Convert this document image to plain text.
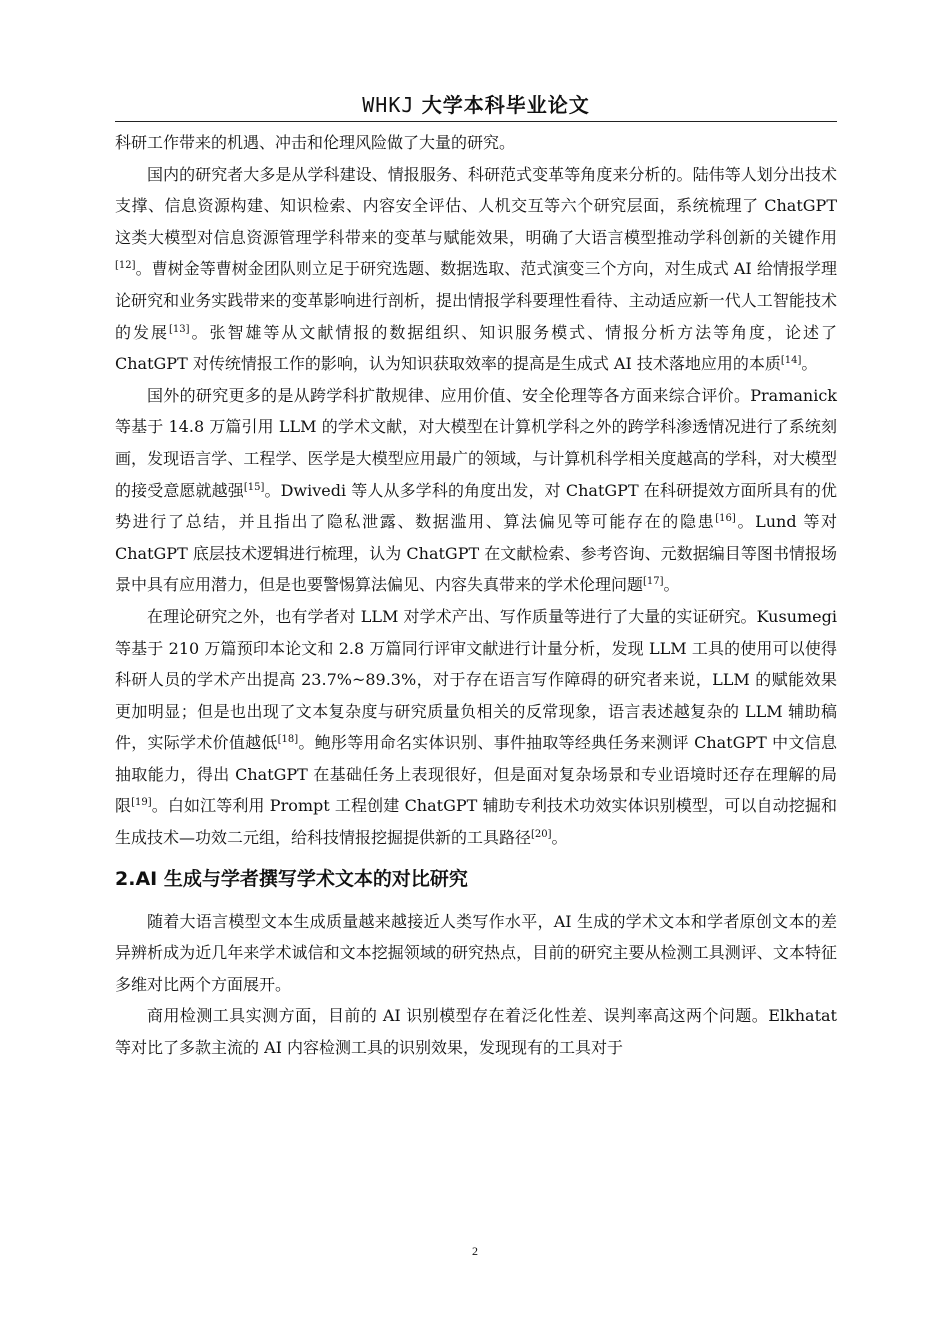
WHKJ 大学本科毕业论文

科研工作带来的机遇、冲击和伦理风险做了大量的研究。

国内的研究者大多是从学科建设、情报服务、科研范式变革等角度来分析的。陆伟等人划分出技术支撑、信息资源构建、知识检索、内容安全评估、人机交互等六个研究层面，系统梳理了 ChatGPT 这类大模型对信息资源管理学科带来的变革与赋能效果，明确了大语言模型推动学科创新的关键作用[12]。曹树金等曹树金团队则立足于研究选题、数据选取、范式演变三个方向，对生成式 AI 给情报学理论研究和业务实践带来的变革影响进行剖析，提出情报学科要理性看待、主动适应新一代人工智能技术的发展[13]。张智雄等从文献情报的数据组织、知识服务模式、情报分析方法等角度，论述了 ChatGPT 对传统情报工作的影响，认为知识获取效率的提高是生成式 AI 技术落地应用的本质[14]。

国外的研究更多的是从跨学科扩散规律、应用价值、安全伦理等各方面来综合评价。Pramanick 等基于 14.8 万篇引用 LLM 的学术文献，对大模型在计算机学科之外的跨学科渗透情况进行了系统刻画，发现语言学、工程学、医学是大模型应用最广的领域，与计算机科学相关度越高的学科，对大模型的接受意愿就越强[15]。Dwivedi 等人从多学科的角度出发，对 ChatGPT 在科研提效方面所具有的优势进行了总结，并且指出了隐私泄露、数据滥用、算法偏见等可能存在的隐患[16]。Lund 等对 ChatGPT 底层技术逻辑进行梳理，认为 ChatGPT 在文献检索、参考咨询、元数据编目等图书情报场景中具有应用潜力，但是也要警惕算法偏见、内容失真带来的学术伦理问题[17]。

在理论研究之外，也有学者对 LLM 对学术产出、写作质量等进行了大量的实证研究。Kusumegi 等基于 210 万篇预印本论文和 2.8 万篇同行评审文献进行计量分析，发现 LLM 工具的使用可以使得科研人员的学术产出提高 23.7%~89.3%，对于存在语言写作障碍的研究者来说，LLM 的赋能效果更加明显；但是也出现了文本复杂度与研究质量负相关的反常现象，语言表述越复杂的 LLM 辅助稿件，实际学术价值越低[18]。鲍彤等用命名实体识别、事件抽取等经典任务来测评 ChatGPT 中文信息抽取能力，得出 ChatGPT 在基础任务上表现很好，但是面对复杂场景和专业语境时还存在理解的局限[19]。白如江等利用 Prompt 工程创建 ChatGPT 辅助专利技术功效实体识别模型，可以自动挖掘和生成技术—功效二元组，给科技情报挖掘提供新的工具路径[20]。

2.AI 生成与学者撰写学术文本的对比研究

随着大语言模型文本生成质量越来越接近人类写作水平，AI 生成的学术文本和学者原创文本的差异辨析成为近几年来学术诚信和文本挖掘领域的研究热点，目前的研究主要从检测工具测评、文本特征多维对比两个方面展开。

商用检测工具实测方面，目前的 AI 识别模型存在着泛化性差、误判率高这两个问题。Elkhatat 等对比了多款主流的 AI 内容检测工具的识别效果，发现现有的工具对于

2
